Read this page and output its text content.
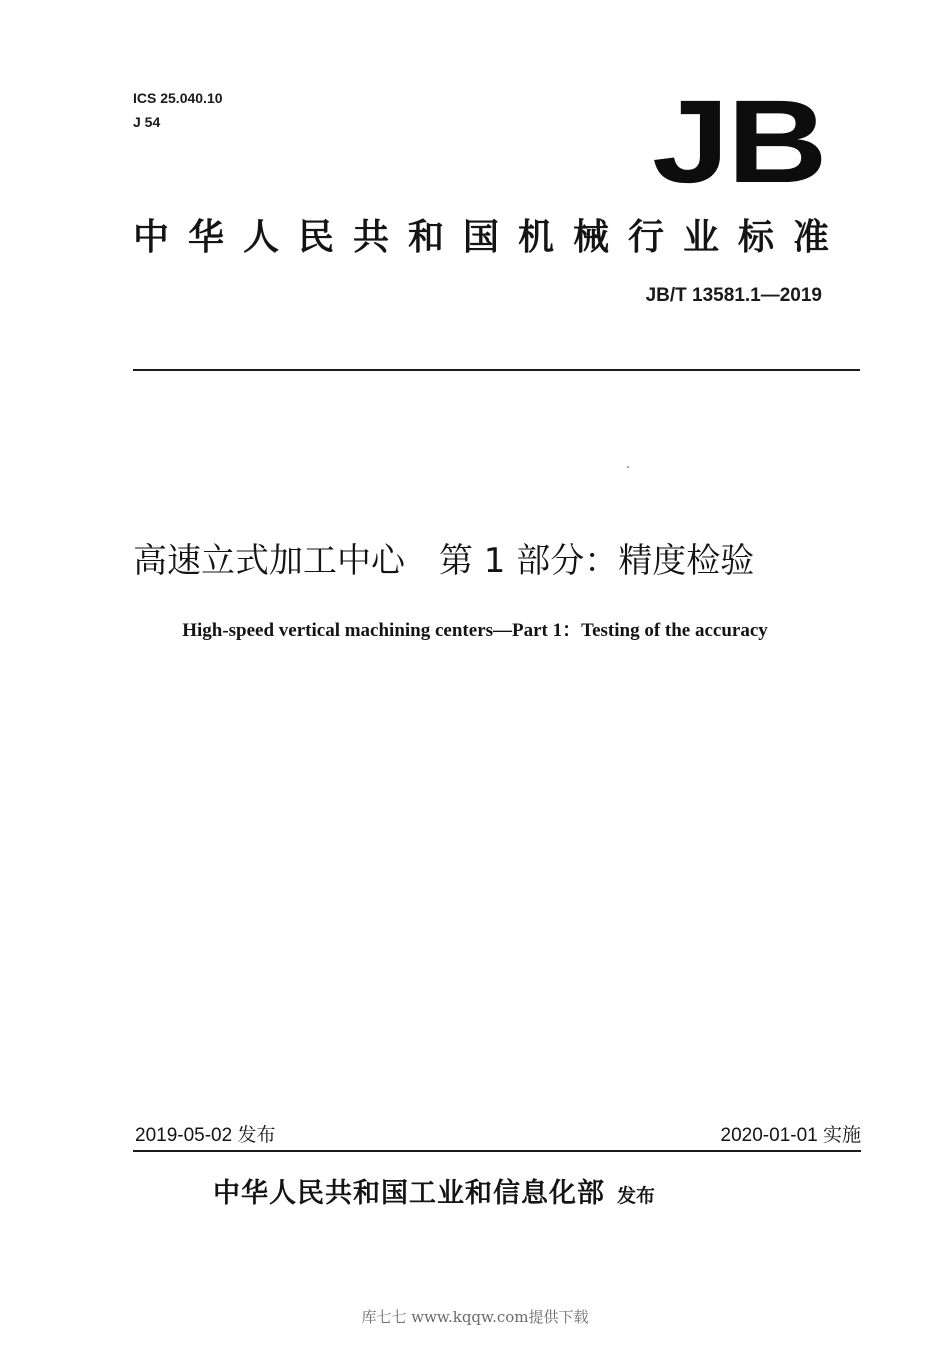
ICS 25.040.10
J 54	JB
中华人民共和国机械行业标准
JB/T 13581.1—2019
高速立式加工中心　第 1 部分：精度检验
High-speed vertical machining centers—Part 1：Testing of the accuracy
2019-05-02 发布	2020-01-01 实施
中华人民共和国工业和信息化部 发布
库七七 www.kqqw.com提供下载
